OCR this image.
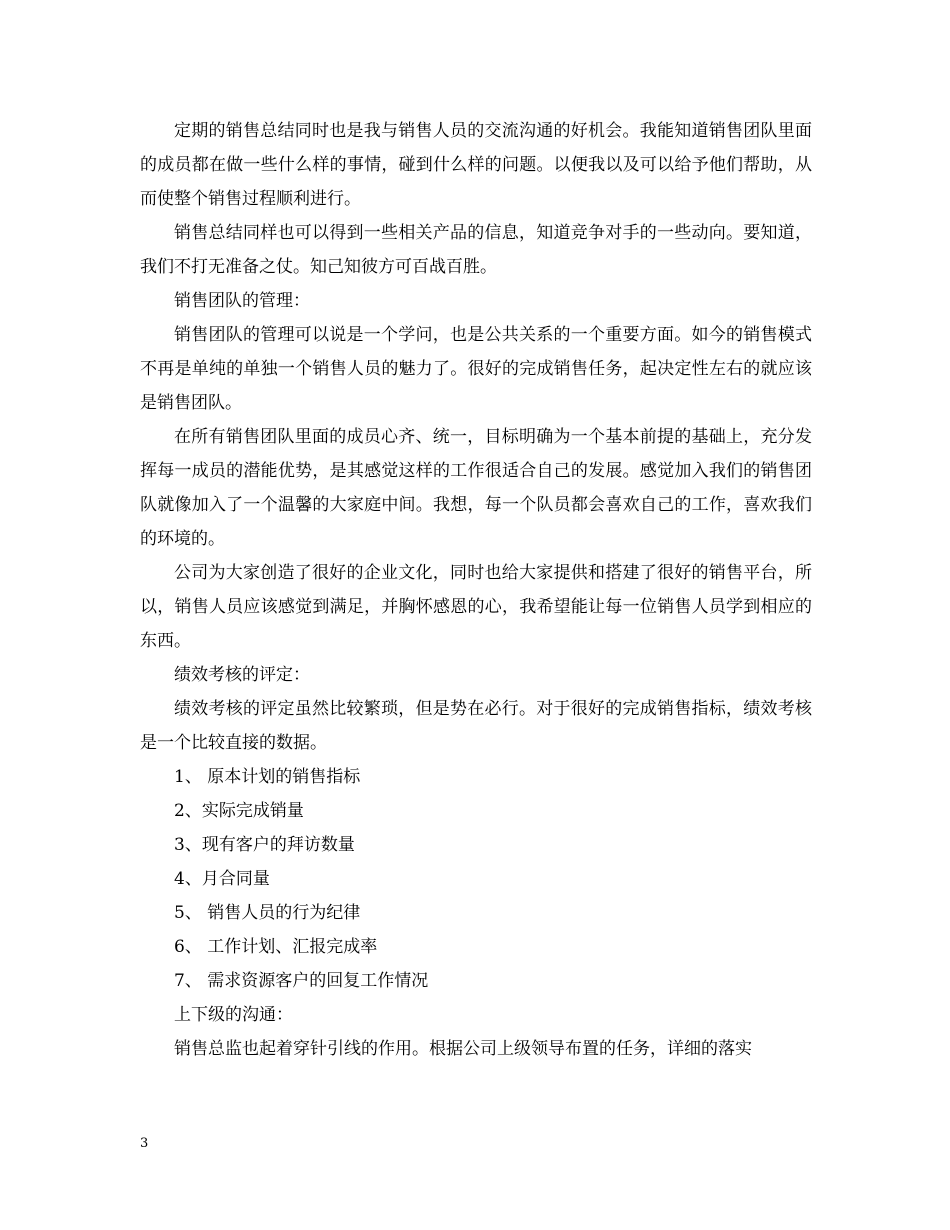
定期的销售总结同时也是我与销售人员的交流沟通的好机会。我能知道销售团队里面的成员都在做一些什么样的事情，碰到什么样的问题。以便我以及可以给予他们帮助，从而使整个销售过程顺利进行。

销售总结同样也可以得到一些相关产品的信息，知道竞争对手的一些动向。要知道，我们不打无准备之仗。知己知彼方可百战百胜。

销售团队的管理：

销售团队的管理可以说是一个学问，也是公共关系的一个重要方面。如今的销售模式不再是单纯的单独一个销售人员的魅力了。很好的完成销售任务，起决定性左右的就应该是销售团队。

在所有销售团队里面的成员心齐、统一，目标明确为一个基本前提的基础上，充分发挥每一成员的潜能优势，是其感觉这样的工作很适合自己的发展。感觉加入我们的销售团队就像加入了一个温馨的大家庭中间。我想，每一个队员都会喜欢自己的工作，喜欢我们的环境的。

公司为大家创造了很好的企业文化，同时也给大家提供和搭建了很好的销售平台，所以，销售人员应该感觉到满足，并胸怀感恩的心，我希望能让每一位销售人员学到相应的东西。

绩效考核的评定：

绩效考核的评定虽然比较繁琐，但是势在必行。对于很好的完成销售指标，绩效考核是一个比较直接的数据。

1、 原本计划的销售指标
2、实际完成销量
3、现有客户的拜访数量
4、月合同量
5、 销售人员的行为纪律
6、 工作计划、汇报完成率
7、 需求资源客户的回复工作情况

上下级的沟通：

销售总监也起着穿针引线的作用。根据公司上级领导布置的任务，详细的落实

3
